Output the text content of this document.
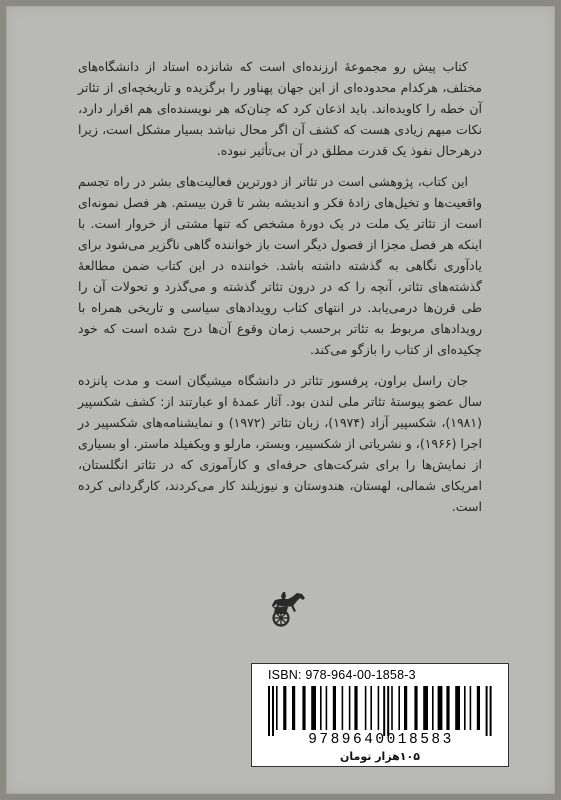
کتاب پیش رو مجموعهٔ ارزنده‌ای است که شانزده استاد از دانشگاه‌های مختلف، هرکدام محدوده‌ای از این جهان پهناور را برگزیده و تاریخچه‌ای از تئاتر آن خطه را کاویده‌اند. باید اذعان کرد که چنان‌که هر نویسنده‌ای هم اقرار دارد، نکات مبهم زیادی هست که کشف آن اگر محال نباشد بسیار مشکل است، زیرا درهرحال نفوذ یک قدرت مطلق در آن بی‌تأثیر نبوده.

این کتاب، پژوهشی است در تئاتر از دورترین فعالیت‌های بشر در راه تجسم واقعیت‌ها و تخیل‌های زادهٔ فکر و اندیشه بشر تا قرن بیستم. هر فصل نمونه‌ای است از تئاتر یک ملت در یک دورهٔ مشخص که تنها مشتی از خروار است. با اینکه هر فصل مجزا از فصول دیگر است باز خواننده گاهی ناگزیر می‌شود برای یادآوری نگاهی به گذشته داشته باشد. خواننده در این کتاب ضمن مطالعهٔ گذشته‌های تئاتر، آنچه را که در درون تئاتر گذشته و می‌گذرد و تحولات آن را طی قرن‌ها درمی‌یابد. در انتهای کتاب رویدادهای سیاسی و تاریخی همراه با رویدادهای مربوط به تئاتر برحسب زمان وقوع آن‌ها درج شده است که خود چکیده‌ای از کتاب را بازگو می‌کند.

جان راسل براون، پرفسور تئاتر در دانشگاه میشیگان است و مدت پانزده سال عضو پیوستهٔ تئاتر ملی لندن بود. آثار عمدهٔ او عبارتند از: کشف شکسپیر (۱۹۸۱)، شکسپیر آزاد (۱۹۷۴)، زبان تئاتر (۱۹۷۲) و نمایشنامه‌های شکسپیر در اجرا (۱۹۶۶)، و نشریاتی از شکسپیر، وبستر، مارلو و ویکفیلد ماستر. او بسیاری از نمایش‌ها را برای شرکت‌های حرفه‌ای و کارآموزی که در تئاتر انگلستان، امریکای شمالی، لهستان، هندوستان و نیوزیلند کار می‌کردند، کارگردانی کرده است.

ISBN: 978-964-00-1858-3
9789640018583
۱۰۵هزار تومان
